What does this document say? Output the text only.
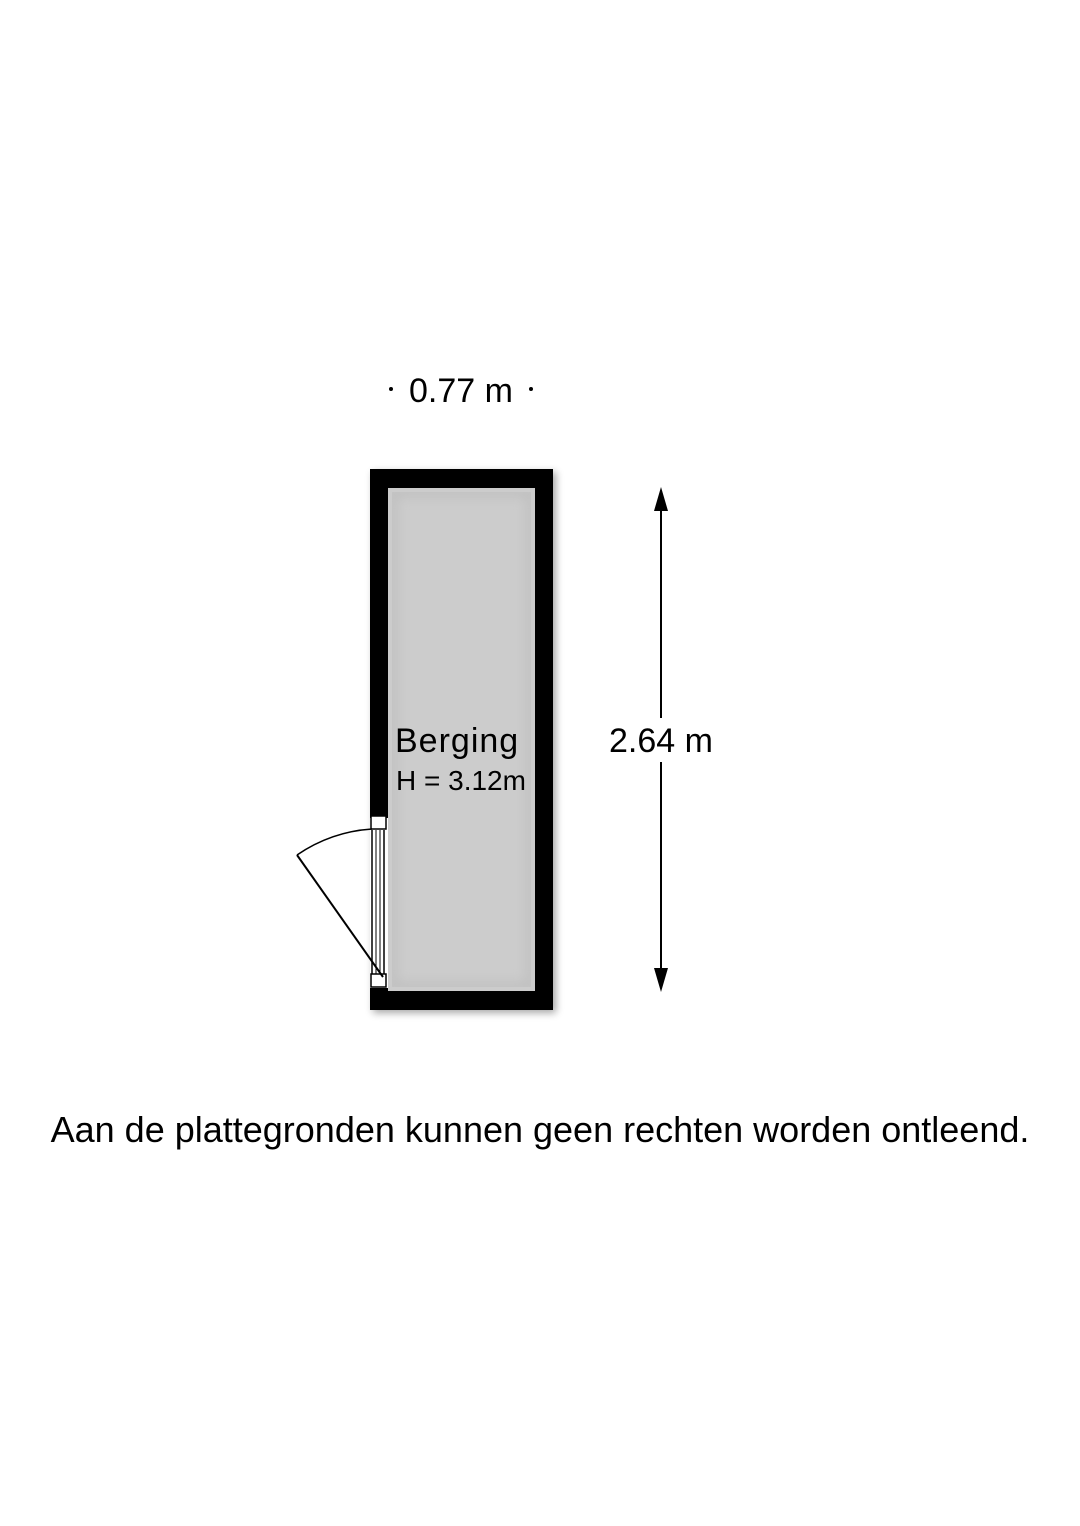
0.77 m
Berging
H = 3.12m
2.64 m
Aan de plattegronden kunnen geen rechten worden ontleend.
